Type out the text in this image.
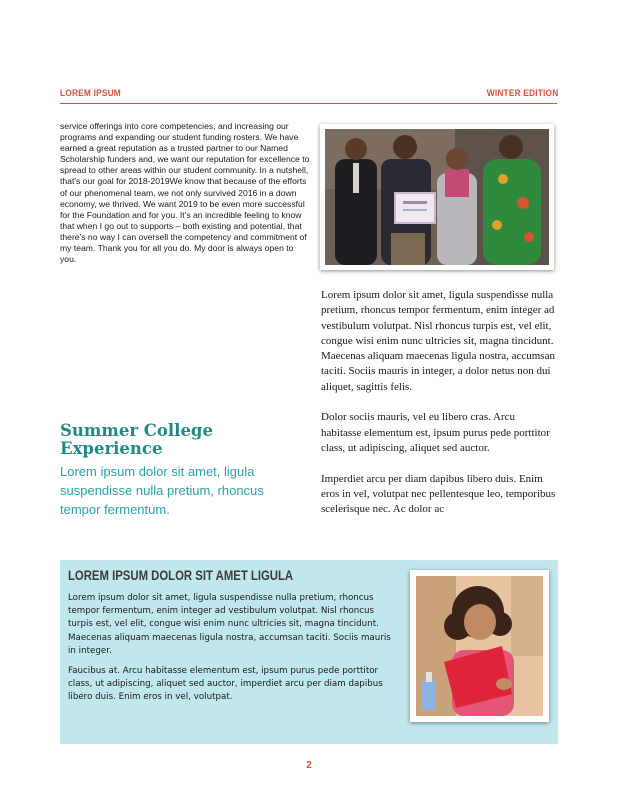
LOREM IPSUM	WINTER EDITION

service offerings into core competencies, and increasing our programs and expanding our student funding rosters. We have earned a great reputation as a trusted partner to our Named Scholarship funders and, we want our reputation for excellence to spread to other areas within our student community. In a nutshell, that's our goal for 2018-2019We know that because of the efforts of our phenomenal team, we not only survived 2016 in a down economy, we thrived. We want 2019 to be even more successful for the Foundation and for you. It's an incredible feeling to know that when I go out to supports – both existing and potential, that there's no way I can oversell the competency and commitment of my team. Thank you for all you do. My door is always open to you.

Lorem ipsum dolor sit amet, ligula suspendisse nulla pretium, rhoncus tempor fermentum, enim integer ad vestibulum volutpat. Nisl rhoncus turpis est, vel elit, congue wisi enim nunc ultricies sit, magna tincidunt. Maecenas aliquam maecenas ligula nostra, accumsan taciti. Sociis mauris in integer, a dolor netus non dui aliquet, sagittis felis.

Dolor sociis mauris, vel eu libero cras. Arcu habitasse elementum est, ipsum purus pede porttitor class, ut adipiscing, aliquet sed auctor.

Imperdiet arcu per diam dapibus libero duis. Enim eros in vel, volutpat nec pellentesque leo, temporibus scelerisque nec. Ac dolor ac

Summer College Experience

Lorem ipsum dolor sit amet, ligula suspendisse nulla pretium, rhoncus tempor fermentum.

LOREM IPSUM DOLOR SIT AMET LIGULA

Lorem ipsum dolor sit amet, ligula suspendisse nulla pretium, rhoncus tempor fermentum, enim integer ad vestibulum volutpat. Nisl rhoncus turpis est, vel elit, congue wisi enim nunc ultricies sit, magna tincidunt. Maecenas aliquam maecenas ligula nostra, accumsan taciti. Sociis mauris in integer.

Faucibus at. Arcu habitasse elementum est, ipsum purus pede porttitor class, ut adipiscing, aliquet sed auctor, imperdiet arcu per diam dapibus libero duis. Enim eros in vel, volutpat.

2
